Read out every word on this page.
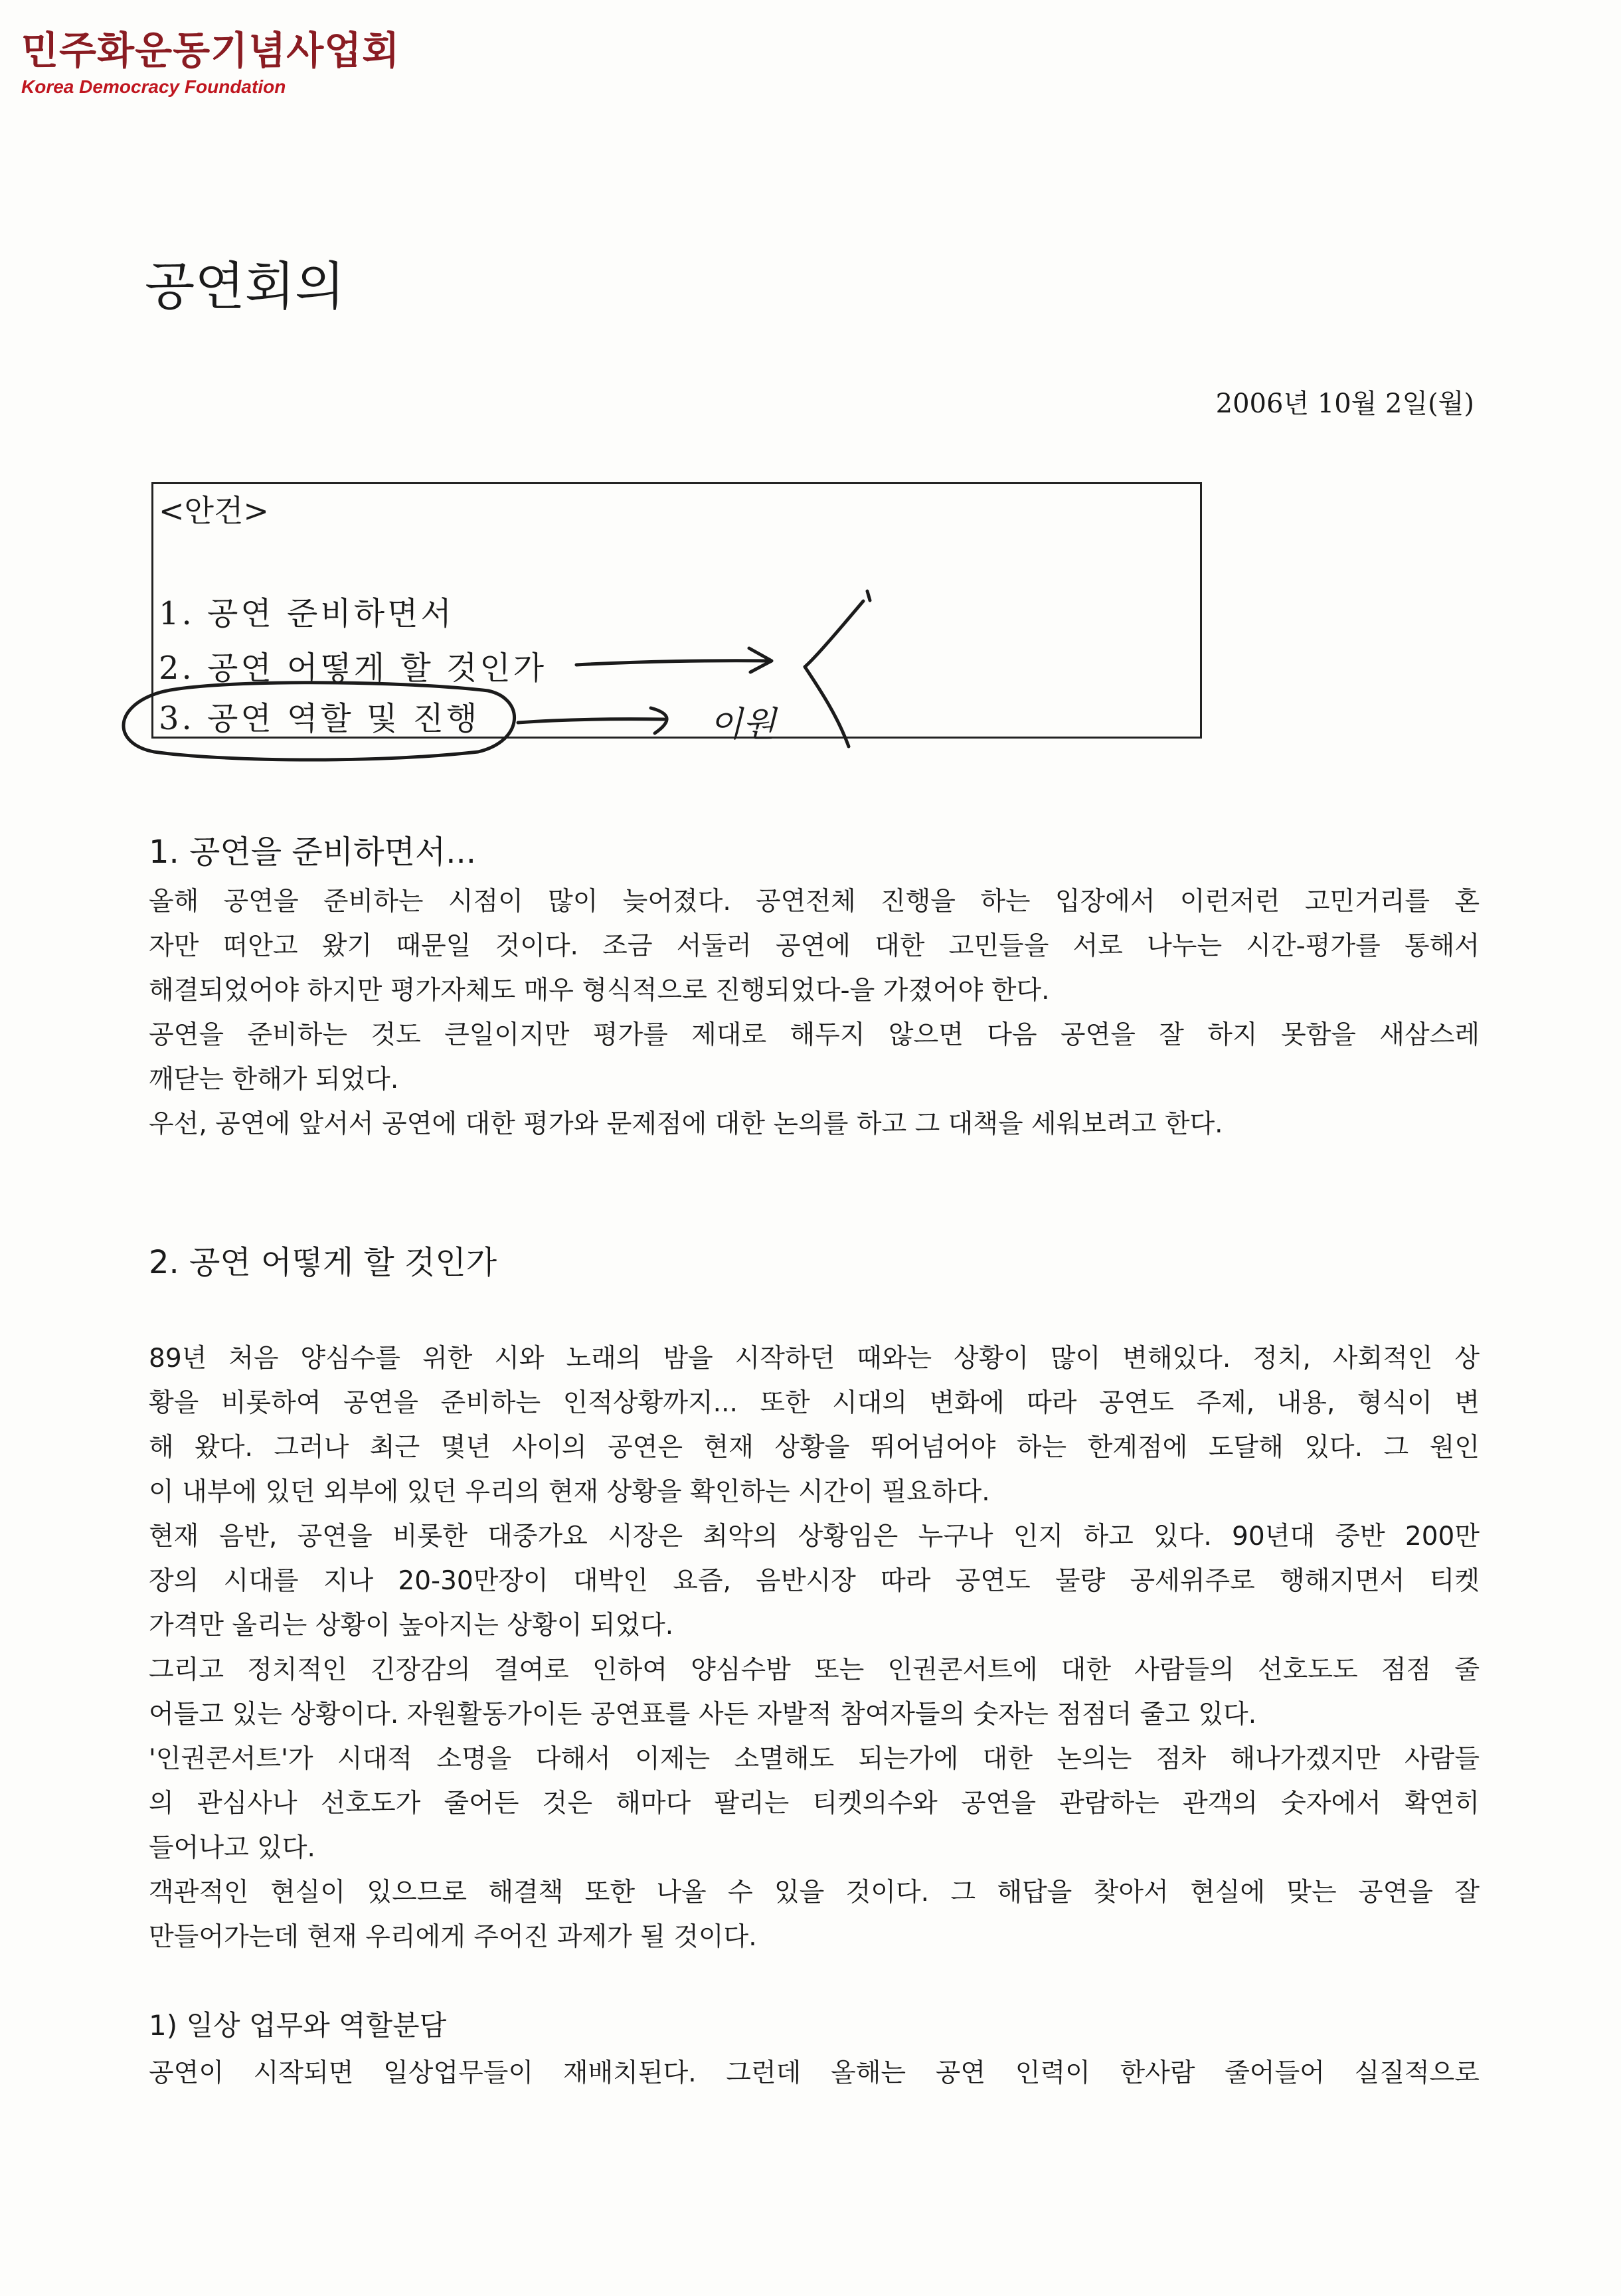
민주화운동기념사업회
Korea Democracy Foundation
공연회의
2006년 10월 2일(월)
<안건>
1. 공연 준비하면서
2. 공연 어떻게 할 것인가
3. 공연 역할 및 진행	이원
1. 공연을 준비하면서...
올해 공연을 준비하는 시점이 많이 늦어졌다. 공연전체 진행을 하는 입장에서 이런저런 고민거리를 혼
자만 떠안고 왔기 때문일 것이다. 조금 서둘러 공연에 대한 고민들을 서로 나누는 시간-평가를 통해서
해결되었어야 하지만 평가자체도 매우 형식적으로 진행되었다-을 가졌어야 한다.
공연을 준비하는 것도 큰일이지만 평가를 제대로 해두지 않으면 다음 공연을 잘 하지 못함을 새삼스레
깨닫는 한해가 되었다.
우선, 공연에 앞서서 공연에 대한 평가와 문제점에 대한 논의를 하고 그 대책을 세워보려고 한다.
2. 공연 어떻게 할 것인가
89년 처음 양심수를 위한 시와 노래의 밤을 시작하던 때와는 상황이 많이 변해있다. 정치, 사회적인 상
황을 비롯하여 공연을 준비하는 인적상황까지... 또한 시대의 변화에 따라 공연도 주제, 내용, 형식이 변
해 왔다. 그러나 최근 몇년 사이의 공연은 현재 상황을 뛰어넘어야 하는 한계점에 도달해 있다. 그 원인
이 내부에 있던 외부에 있던 우리의 현재 상황을 확인하는 시간이 필요하다.
현재 음반, 공연을 비롯한 대중가요 시장은 최악의 상황임은 누구나 인지 하고 있다. 90년대 중반 200만
장의 시대를 지나 20-30만장이 대박인 요즘, 음반시장 따라 공연도 물량 공세위주로 행해지면서 티켓
가격만 올리는 상황이 높아지는 상황이 되었다.
그리고 정치적인 긴장감의 결여로 인하여 양심수밤 또는 인권콘서트에 대한 사람들의 선호도도 점점 줄
어들고 있는 상황이다. 자원활동가이든 공연표를 사든 자발적 참여자들의 숫자는 점점더 줄고 있다.
'인권콘서트'가 시대적 소명을 다해서 이제는 소멸해도 되는가에 대한 논의는 점차 해나가겠지만 사람들
의 관심사나 선호도가 줄어든 것은 해마다 팔리는 티켓의수와 공연을 관람하는 관객의 숫자에서 확연히
들어나고 있다.
객관적인 현실이 있으므로 해결책 또한 나올 수 있을 것이다. 그 해답을 찾아서 현실에 맞는 공연을 잘
만들어가는데 현재 우리에게 주어진 과제가 될 것이다.
1) 일상 업무와 역할분담
공연이 시작되면 일상업무들이 재배치된다. 그런데 올해는 공연 인력이 한사람 줄어들어 실질적으로
